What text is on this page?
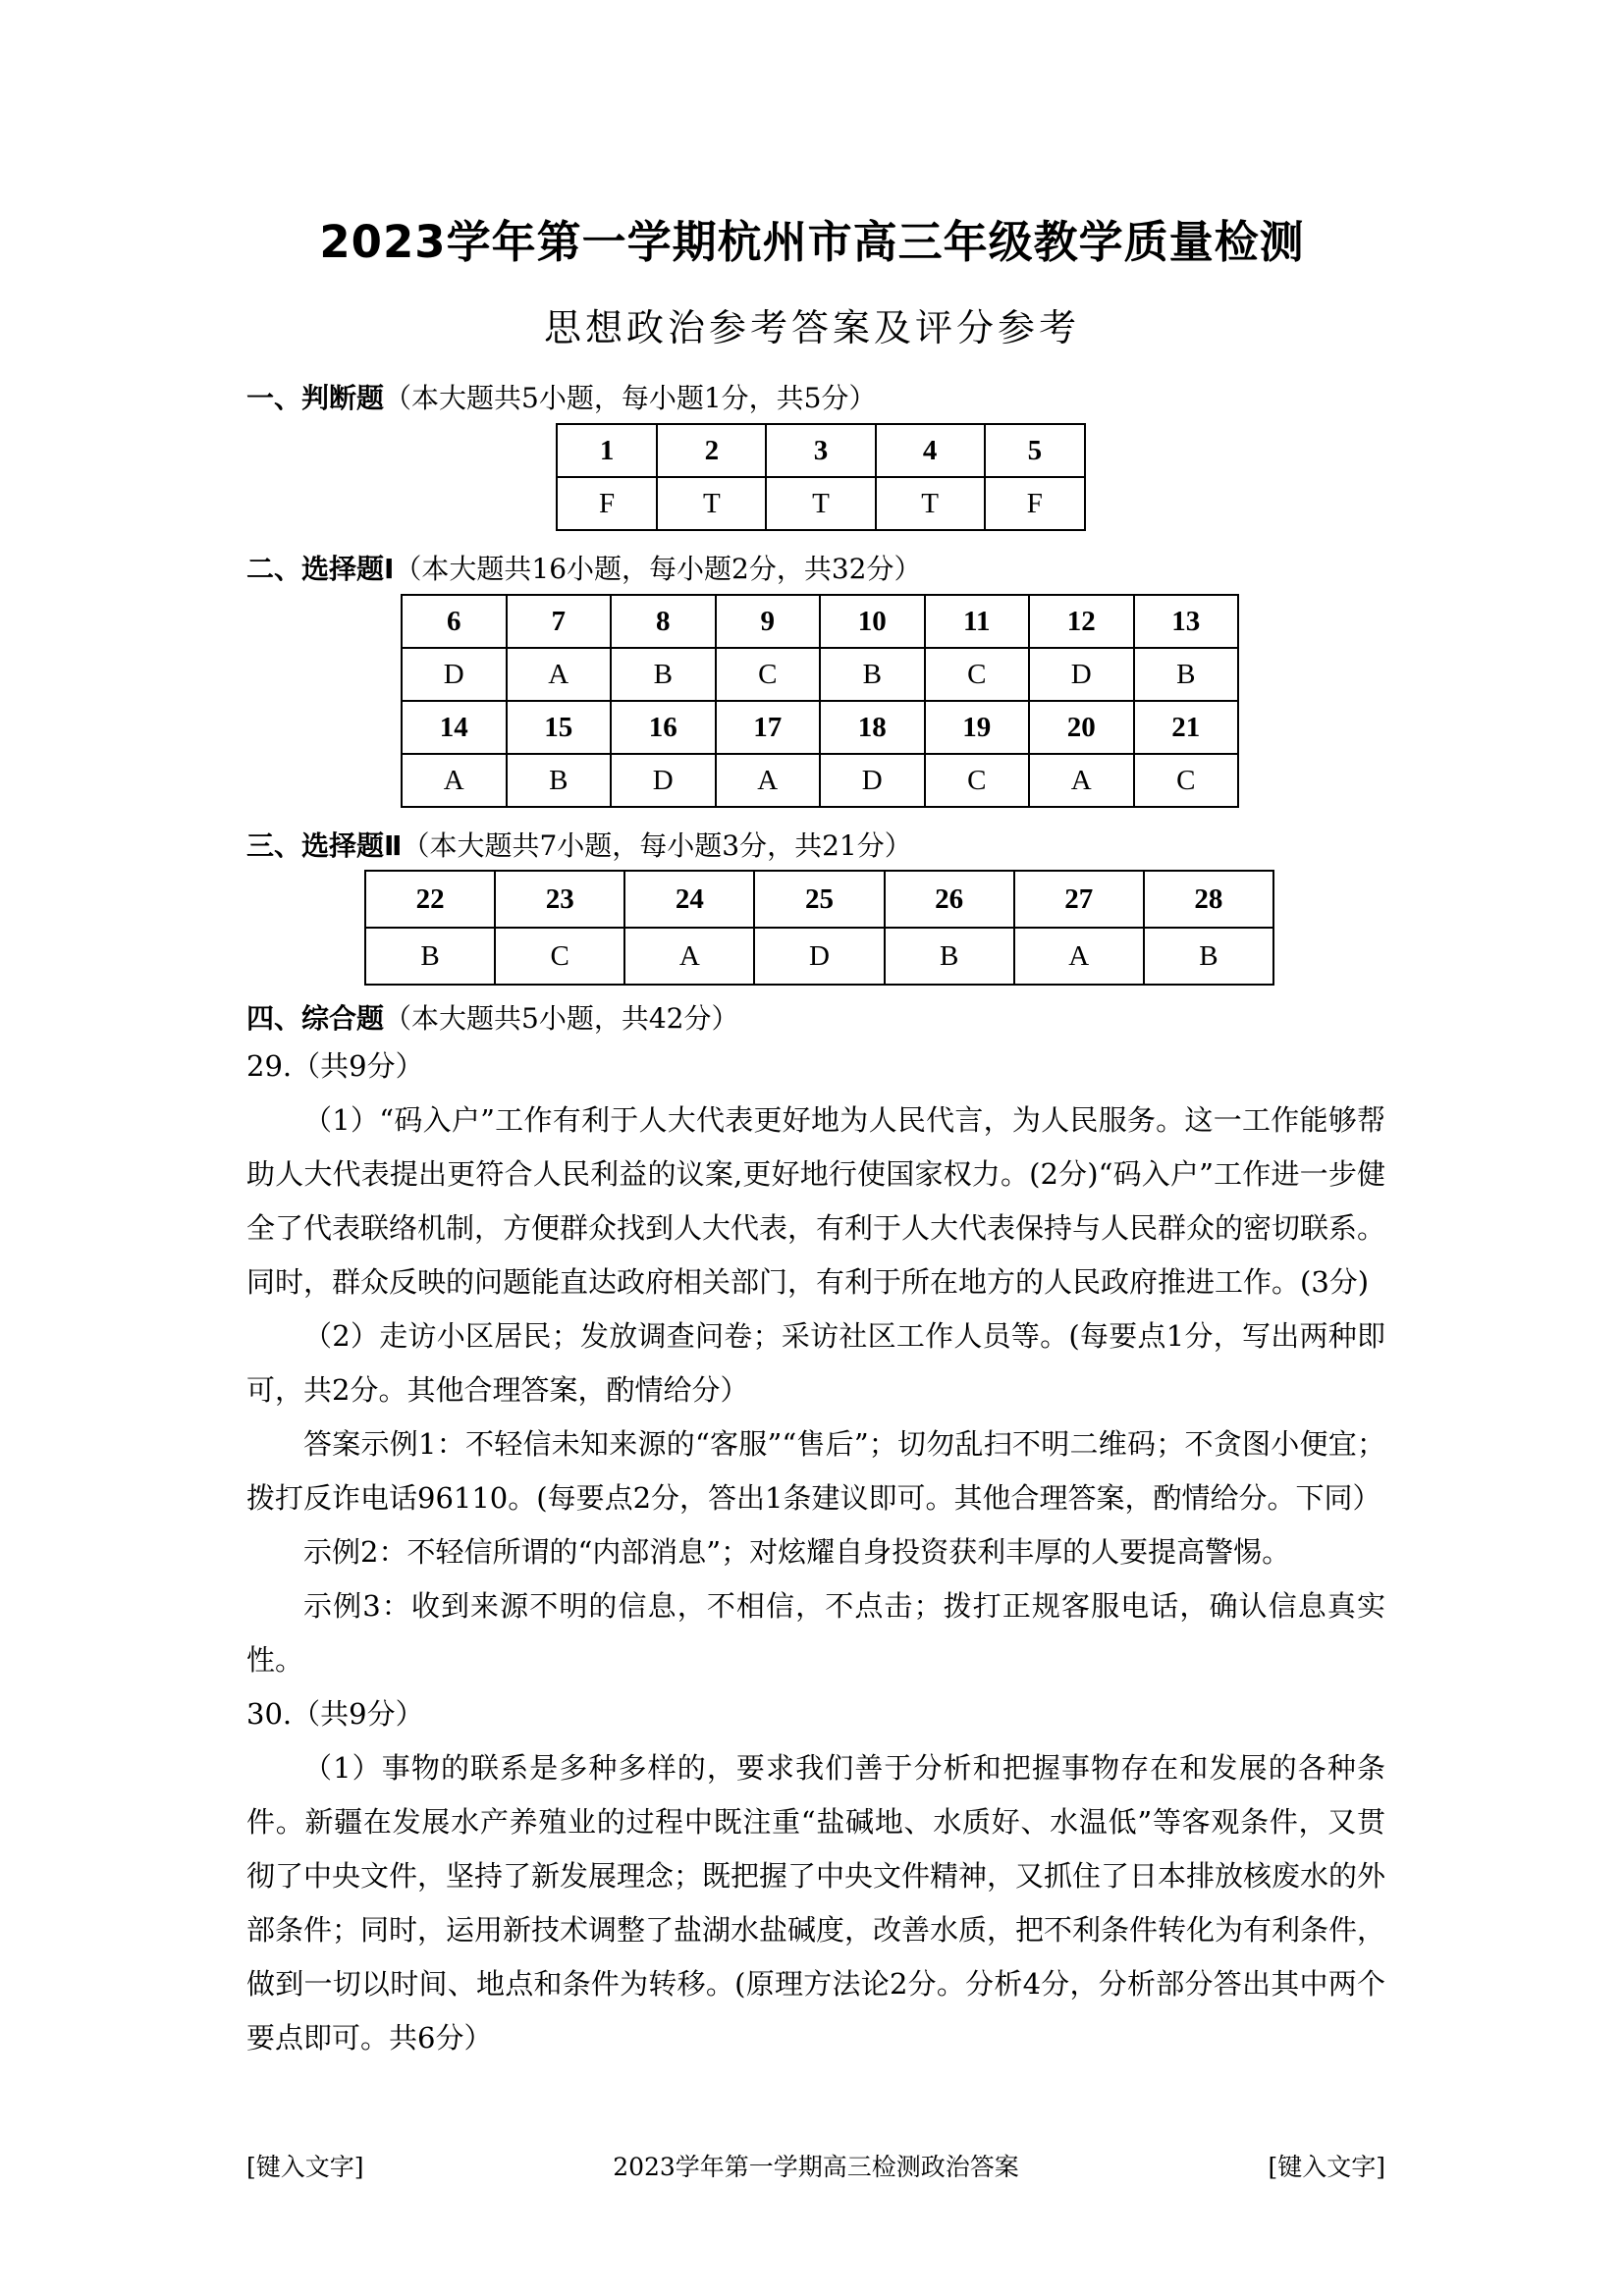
2023学年第一学期杭州市高三年级教学质量检测
思想政治参考答案及评分参考
一、判断题（本大题共5小题，每小题1分，共5分）
1	2	3	4	5
F	T	T	T	F
二、选择题Ⅰ（本大题共16小题，每小题2分，共32分）
6	7	8	9	10	11	12	13
D	A	B	C	B	C	D	B
14	15	16	17	18	19	20	21
A	B	D	A	D	C	A	C
三、选择题Ⅱ（本大题共7小题，每小题3分，共21分）
22	23	24	25	26	27	28
B	C	A	D	B	A	B
四、综合题（本大题共5小题，共42分）

29.（共9分）

（1）“码入户”工作有利于人大代表更好地为人民代言，为人民服务。这一工作能够帮助人大代表提出更符合人民利益的议案,更好地行使国家权力。(2分)“码入户”工作进一步健全了代表联络机制，方便群众找到人大代表，有利于人大代表保持与人民群众的密切联系。同时，群众反映的问题能直达政府相关部门，有利于所在地方的人民政府推进工作。(3分)

（2）走访小区居民；发放调查问卷；采访社区工作人员等。(每要点1分，写出两种即可，共2分。其他合理答案，酌情给分）

答案示例1：不轻信未知来源的“客服”“售后”；切勿乱扫不明二维码；不贪图小便宜；拨打反诈电话96110。(每要点2分，答出1条建议即可。其他合理答案，酌情给分。下同）

示例2：不轻信所谓的“内部消息”；对炫耀自身投资获利丰厚的人要提高警惕。

示例3：收到来源不明的信息，不相信，不点击；拨打正规客服电话，确认信息真实性。

30.（共9分）

（1）事物的联系是多种多样的，要求我们善于分析和把握事物存在和发展的各种条件。新疆在发展水产养殖业的过程中既注重“盐碱地、水质好、水温低”等客观条件，又贯彻了中央文件，坚持了新发展理念；既把握了中央文件精神，又抓住了日本排放核废水的外部条件；同时，运用新技术调整了盐湖水盐碱度，改善水质，把不利条件转化为有利条件，做到一切以时间、地点和条件为转移。(原理方法论2分。分析4分，分析部分答出其中两个要点即可。共6分）

[键入文字]	2023学年第一学期高三检测政治答案	[键入文字]
